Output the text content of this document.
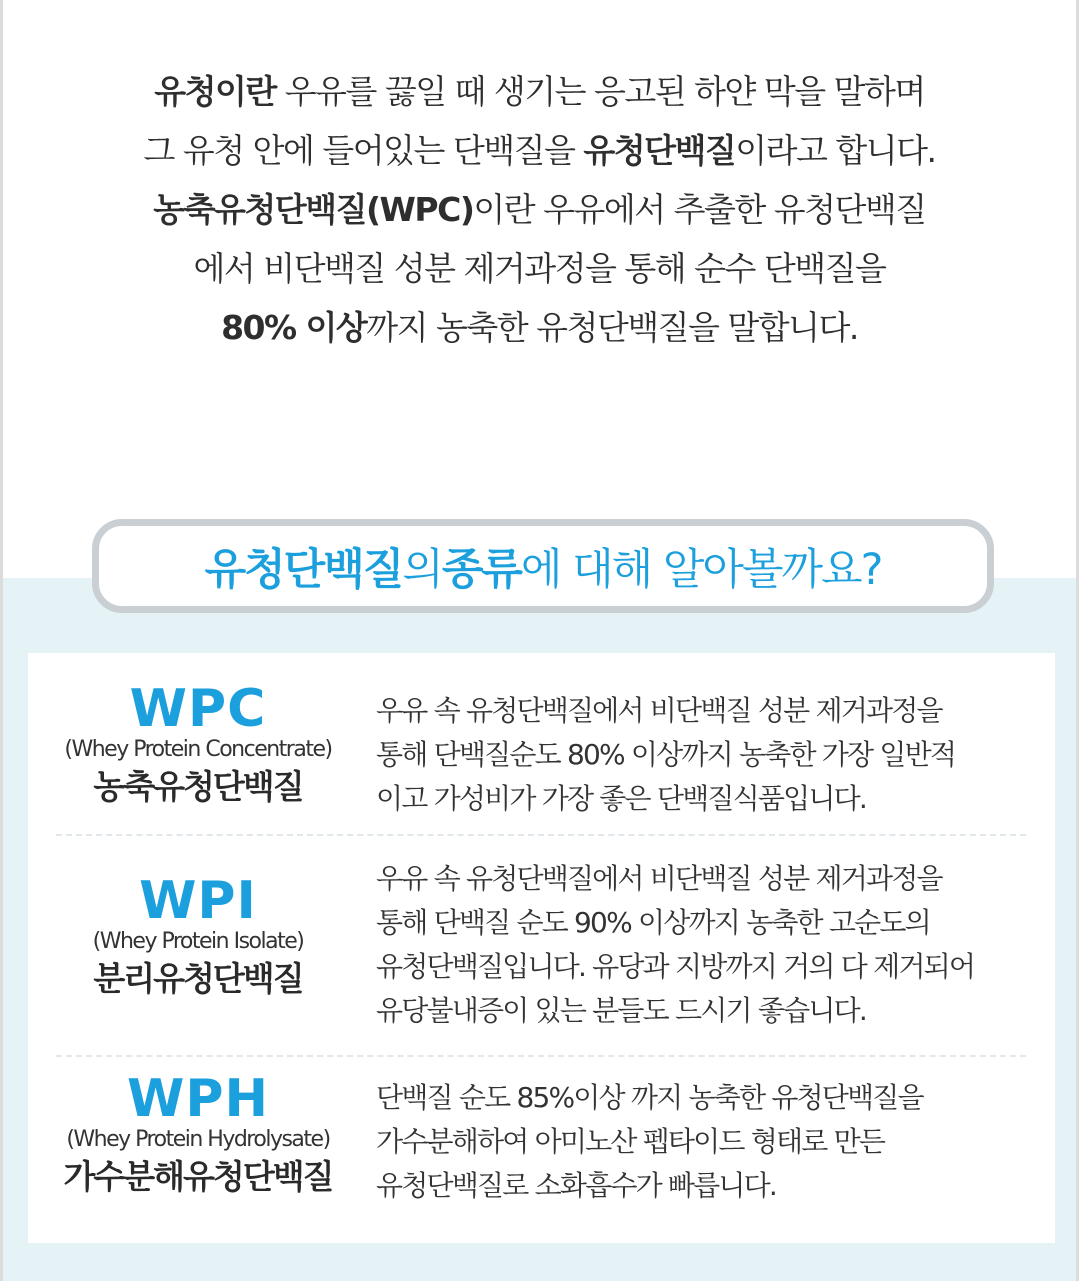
유청이란 우유를 끓일 때 생기는 응고된 하얀 막을 말하며
그 유청 안에 들어있는 단백질을 유청단백질이라고 합니다.
농축유청단백질(WPC)이란 우유에서 추출한 유청단백질
에서 비단백질 성분 제거과정을 통해 순수 단백질을
80% 이상까지 농축한 유청단백질을 말합니다.
유청단백질 의 종류 에 대해 알아볼까요?
WPC
(Whey Protein Concentrate)
농축유청단백질
우유 속 유청단백질에서 비단백질 성분 제거과정을
통해 단백질순도 80% 이상까지 농축한 가장 일반적
이고 가성비가 가장 좋은 단백질식품입니다.
WPI
(Whey Protein Isolate)
분리유청단백질
우유 속 유청단백질에서 비단백질 성분 제거과정을
통해 단백질 순도 90% 이상까지 농축한 고순도의
유청단백질입니다. 유당과 지방까지 거의 다 제거되어
유당불내증이 있는 분들도 드시기 좋습니다.
WPH
(Whey Protein Hydrolysate)
가수분해유청단백질
단백질 순도 85%이상 까지 농축한 유청단백질을
가수분해하여 아미노산 펩타이드 형태로 만든
유청단백질로 소화흡수가 빠릅니다.
